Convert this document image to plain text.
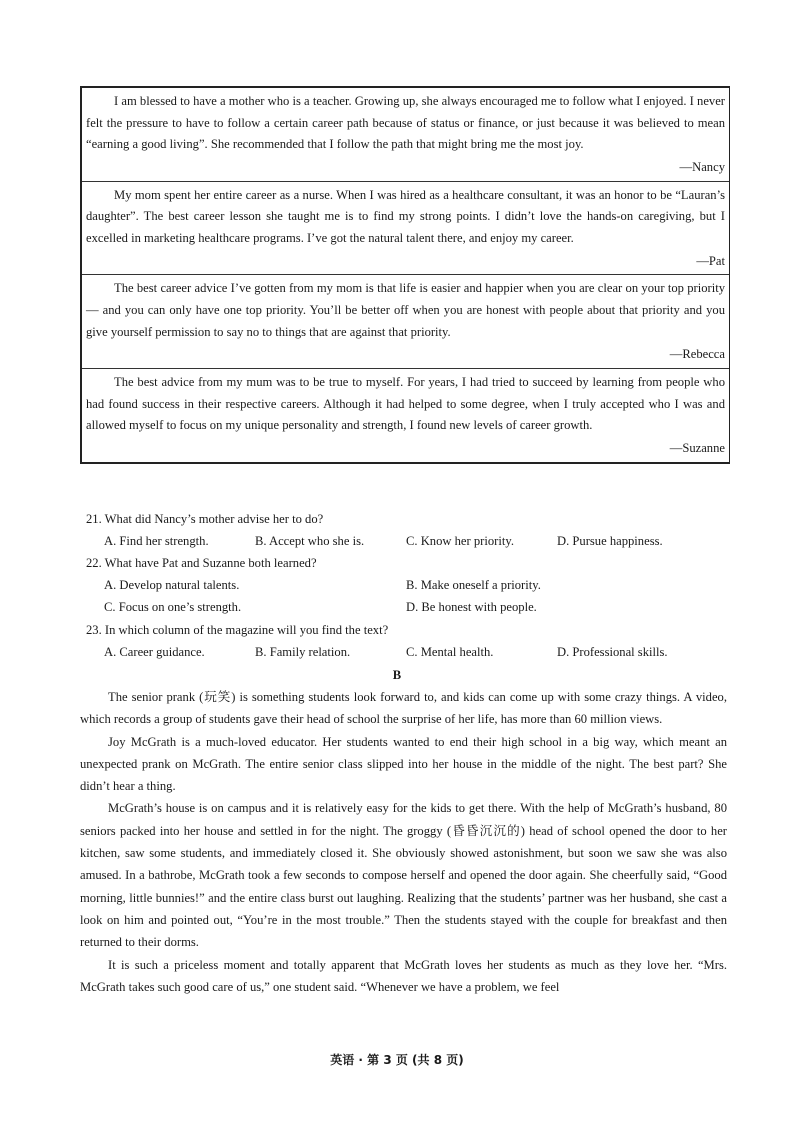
I am blessed to have a mother who is a teacher. Growing up, she always encouraged me to follow what I enjoyed. I never felt the pressure to have to follow a certain career path because of status or finance, or just because it was believed to mean “earning a good living”. She recommended that I follow the path that might bring me the most joy.

—Nancy

My mom spent her entire career as a nurse. When I was hired as a healthcare consultant, it was an honor to be “Lauran’s daughter”. The best career lesson she taught me is to find my strong points. I didn’t love the hands-on caregiving, but I excelled in marketing healthcare programs. I’ve got the natural talent there, and enjoy my career.

—Pat

The best career advice I’ve gotten from my mom is that life is easier and happier when you are clear on your top priority — and you can only have one top priority. You’ll be better off when you are honest with people about that priority and you give yourself permission to say no to things that are against that priority.

—Rebecca

The best advice from my mum was to be true to myself. For years, I had tried to succeed by learning from people who had found success in their respective careers. Although it had helped to some degree, when I truly accepted who I was and allowed myself to focus on my unique personality and strength, I found new levels of career growth.

—Suzanne
21. What did Nancy’s mother advise her to do?
A. Find her strength.	B. Accept who she is.	C. Know her priority.	D. Pursue happiness.
22. What have Pat and Suzanne both learned?
A. Develop natural talents.	B. Make oneself a priority.
C. Focus on one’s strength.	D. Be honest with people.
23. In which column of the magazine will you find the text?
A. Career guidance.	B. Family relation.	C. Mental health.	D. Professional skills.
B

The senior prank (玩笑) is something students look forward to, and kids can come up with some crazy things. A video, which records a group of students gave their head of school the surprise of her life, has more than 60 million views.

Joy McGrath is a much-loved educator. Her students wanted to end their high school in a big way, which meant an unexpected prank on McGrath. The entire senior class slipped into her house in the middle of the night. The best part? She didn’t hear a thing.

McGrath’s house is on campus and it is relatively easy for the kids to get there. With the help of McGrath’s husband, 80 seniors packed into her house and settled in for the night. The groggy (昏昏沉沉的) head of school opened the door to her kitchen, saw some students, and immediately closed it. She obviously showed astonishment, but soon we saw she was also amused. In a bathrobe, McGrath took a few seconds to compose herself and opened the door again. She cheerfully said, “Good morning, little bunnies!” and the entire class burst out laughing. Realizing that the students’ partner was her husband, she cast a look on him and pointed out, “You’re in the most trouble.” Then the students stayed with the couple for breakfast and then returned to their dorms.

It is such a priceless moment and totally apparent that McGrath loves her students as much as they love her. “Mrs. McGrath takes such good care of us,” one student said. “Whenever we have a problem, we feel

英语 · 第 3 页 (共 8 页)
